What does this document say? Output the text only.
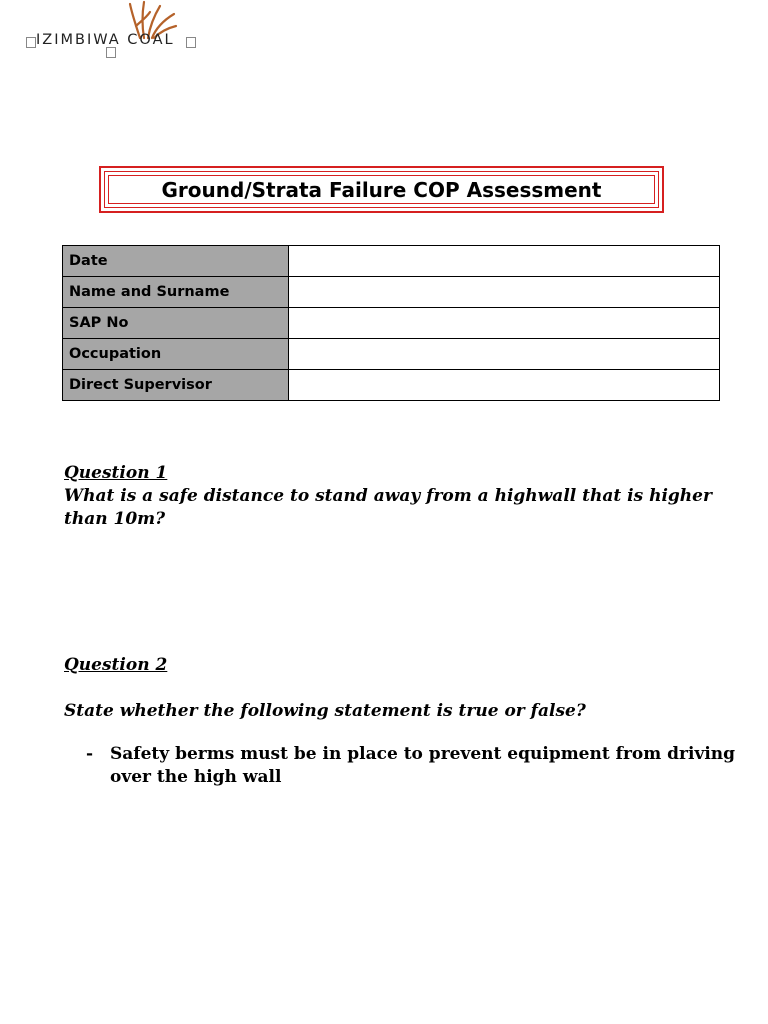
IZIMBIWA COAL
Ground/Strata Failure COP Assessment
Date	
Name and Surname	
SAP No	
Occupation	
Direct Supervisor	
Question 1
What is a safe distance to stand away from a highwall that is higher than 10m?
Question 2
State whether the following statement is true or false?
- Safety berms must be in place to prevent equipment from driving over the high wall
